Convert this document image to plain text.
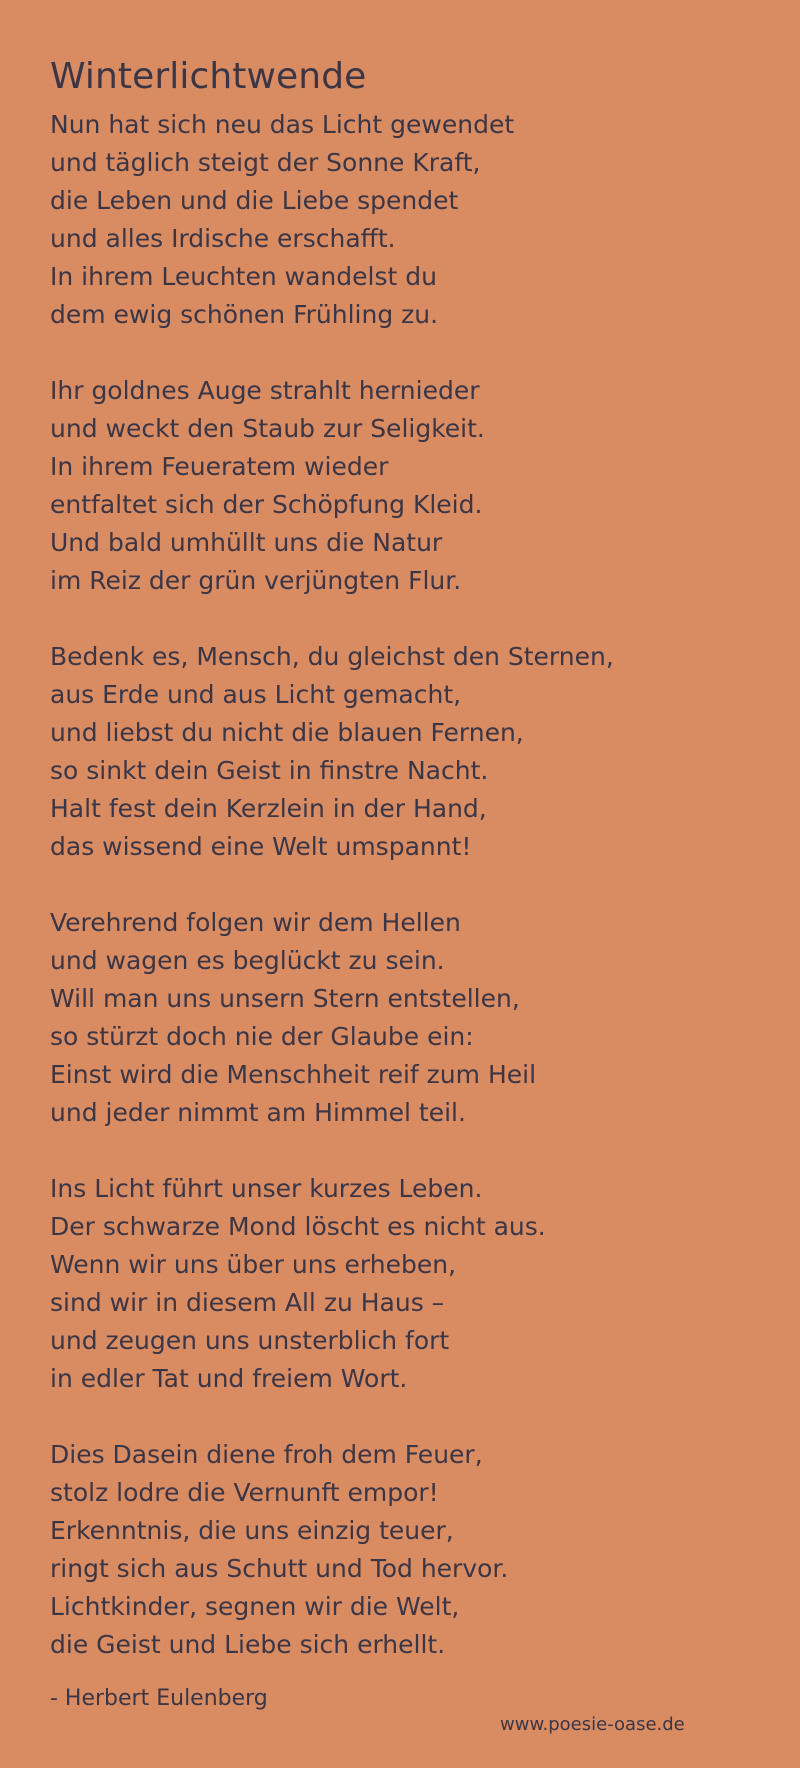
Winterlichtwende
Nun hat sich neu das Licht gewendet
und täglich steigt der Sonne Kraft,
die Leben und die Liebe spendet
und alles Irdische erschafft.
In ihrem Leuchten wandelst du
dem ewig schönen Frühling zu.
Ihr goldnes Auge strahlt hernieder
und weckt den Staub zur Seligkeit.
In ihrem Feueratem wieder
entfaltet sich der Schöpfung Kleid.
Und bald umhüllt uns die Natur
im Reiz der grün verjüngten Flur.
Bedenk es, Mensch, du gleichst den Sternen,
aus Erde und aus Licht gemacht,
und liebst du nicht die blauen Fernen,
so sinkt dein Geist in finstre Nacht.
Halt fest dein Kerzlein in der Hand,
das wissend eine Welt umspannt!
Verehrend folgen wir dem Hellen
und wagen es beglückt zu sein.
Will man uns unsern Stern entstellen,
so stürzt doch nie der Glaube ein:
Einst wird die Menschheit reif zum Heil
und jeder nimmt am Himmel teil.
Ins Licht führt unser kurzes Leben.
Der schwarze Mond löscht es nicht aus.
Wenn wir uns über uns erheben,
sind wir in diesem All zu Haus –
und zeugen uns unsterblich fort
in edler Tat und freiem Wort.
Dies Dasein diene froh dem Feuer,
stolz lodre die Vernunft empor!
Erkenntnis, die uns einzig teuer,
ringt sich aus Schutt und Tod hervor.
Lichtkinder, segnen wir die Welt,
die Geist und Liebe sich erhellt.
- Herbert Eulenberg
www.poesie-oase.de
